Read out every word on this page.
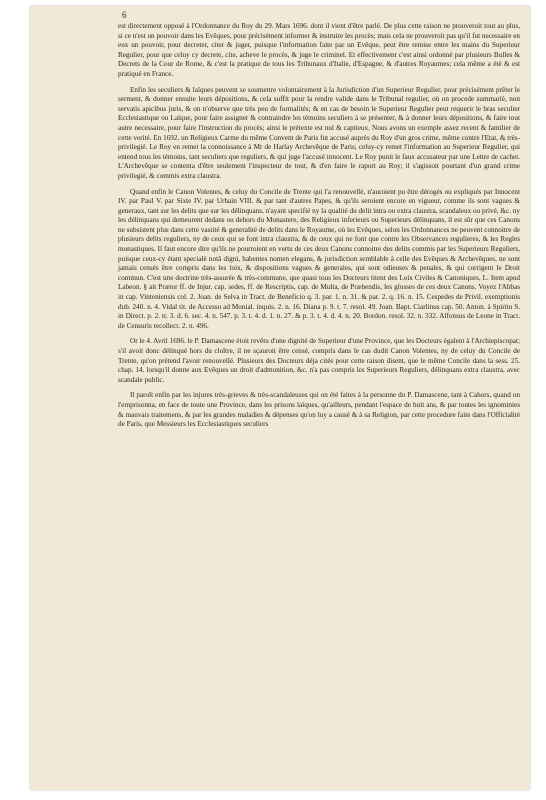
6

est directement opposé à l'Ordonnance du Roy du 29. Mars 1696. dont il vient d'être parlé. De plus cette raison ne prouveroit tout au plus, si ce n'est un pouvoir dans les Evêques, pour précisément informer & instruire les procès; mais cela ne prouveroit pas qu'il fut necessaire en eux un pouvoir, pour decreter, citer & juger, puisque l'information faite par un Evêque, peut être remise entre les mains du Superieur Regulier, pour que celuy cy decrete, cite, acheve le procès, & juge le criminel. Et effectivement c'est ainsi ordonné par plusieurs Bulles & Decrets de la Cour de Rome, & c'est la pratique de tous les Tribunaux d'Italie, d'Espagne, & d'autres Royaumes; cela même a été & est pratiqué en France.

Enfin les seculiers & laïques peuvent se soumettre volontairement à la Jurisdiction d'un Superieur Regulier, pour précisément prêter le serment, & donner ensuite leurs dépositions, & cela suffit pour la rendre valide dans le Tribunal regulier, où on procede summariè, non servatis apicibus juris, & on n'observe que très peu de formalités; & en cas de besoin le Superieur Regulier peut requerir le bras seculier Ecclesiastique ou Laïque, pour faire assigner & contraindre les témoins seculiers à se présenter, & à donner leurs dépositions, & faire tout autre necessaire, pour faire l'instruction du procès; ainsi le prétexte est nul & captieux. Nous avons un exemple assez recent & familier de cette verité. En 1692. un Religieux Carme du même Convent de Paris fut accusé auprès du Roy d'un gros crime, même contre l'Etat, & très-privilegié. Le Roy en remet la connoissance à Mr de Harlay Archevêque de Paris; celuy-cy remet l'information au Superieur Regulier, qui entend tous les témoins, tant seculiers que reguliers, & qui juge l'accusé innocent. Le Roy punit le faux accusateur par une Lettre de cachet. L'Archevêque se contenta d'être seulement l'inspecteur de tout, & d'en faire le raport au Roy; il s'agissoit pourtant d'un grand crime privilegié, & commis extra claustra.

Quand enfin le Canon Volentes, & celuy du Concile de Trente qui l'a renouvellé, n'auroient pu être dérogés ou expliqués par Innocent IV. par Paul V. par Sixte IV. par Urbain VIII. & par tant d'autres Papes, & qu'ils seroient encore en vigueur, comme ils sont vagues & generaux, tant sur les delits que sur les délinquans, n'ayant specifié ny la qualité du delit intra ou extra claustra, scandaleux ou privé, &c. ny les délinquans qui demeurent dedans ou dehors du Monastere, des Religieux inferieurs ou Superieurs délinquans, il est sûr que ces Canons ne subsistent plus dans cette vastité & generalité de delits dans le Royaume, où les Evêques, selon les Ordonnances ne peuvent connoitre de plusieurs delits reguliers, ny de ceux qui se font intra claustra, & de ceux qui ne font que contre les Observances regulieres, & les Regles monastiques. Il faut encore dire qu'ils ne pourroient en vertu de ces deux Canons connoitre des delits commis par les Superieurs Reguliers, puisque ceux-cy étant specialè notâ digni, habentes nomen elegans, & jurisdiction semblable à celle des Evêques & Archevêques, ne sont jamais censés être compris dans les loix, & dispositions vagues & generales, qui sont odieuses & penales, & qui corrigent le Droit commun. C'est une doctrine très-assurée & très-commune, que quasi tous les Docteurs titent des Loix Civiles & Canoniques, L. Item apud Labeon. § ait Prætor ff. de Injur. cap. sedes, ff. de Rescriptis, cap. de Multa, de Præbendis, les glosses de ces deux Canons. Voyez l'Abbas in cap. Vinteniensis col. 2. Joan. de Selva in Tract. de Beneficio q. 3. par. 1. n. 31. & par. 2. q. 16. n. 15. Cespedes de Privil. exemptionis dub. 240. n. 4. Vidal tit. de Accessu ad Monial. inquis. 2. n. 16. Diana p. 9. t. 7. resol. 49. Joan. Bapt. Ciarlinus cap. 50. Anton. à Spiritu S. in Direct. p. 2. tr. 3. d. 6. sec. 4. n. 547. p. 3. t. 4. d. 1. n. 27. & p. 3. t. 4. d. 4. n. 20. Bordon. resol. 32. n. 332. Alfonsus de Leone in Tract. de Censuris recollect. 2. n. 496.

Or le 4. Avril 1696. le P. Damascene étoit revêtu d'une dignité de Superieur d'une Province, que les Docteurs égalent à l'Archiepiscopat; s'il avoit donc délinqué hors du cloître, il ne sçauroit être censé, compris dans le cas dudit Canon Volentes, ny de celuy du Concile de Trente, qu'on prétend l'avoir renouvellé. Plusieurs des Docteurs déja cités pour cette raison disent, que le même Concile dans la sess. 25. chap. 14. lorsqu'il donne aux Evêques un droit d'admonition, &c. n'a pas compris les Superieurs Reguliers, délinquans extra claustra, avec scandale public.

Il paroît enfin par les injures très-grieves & très-scandaleuses qui on été faites à la personne du P. Damascene, tant à Cahors, quand on l'emprisonna, en face de toute une Province, dans les prisons laïques, qu'ailleurs, pendant l'espace de huit ans, & par toutes les ignominies & mauvais traitemens, & par les grandes maladies & dépenses qu'on luy a causé & à sa Religion, par cette procedure faite dans l'Officialité de Paris, que Messieurs les Ecclesiastiques seculiers
